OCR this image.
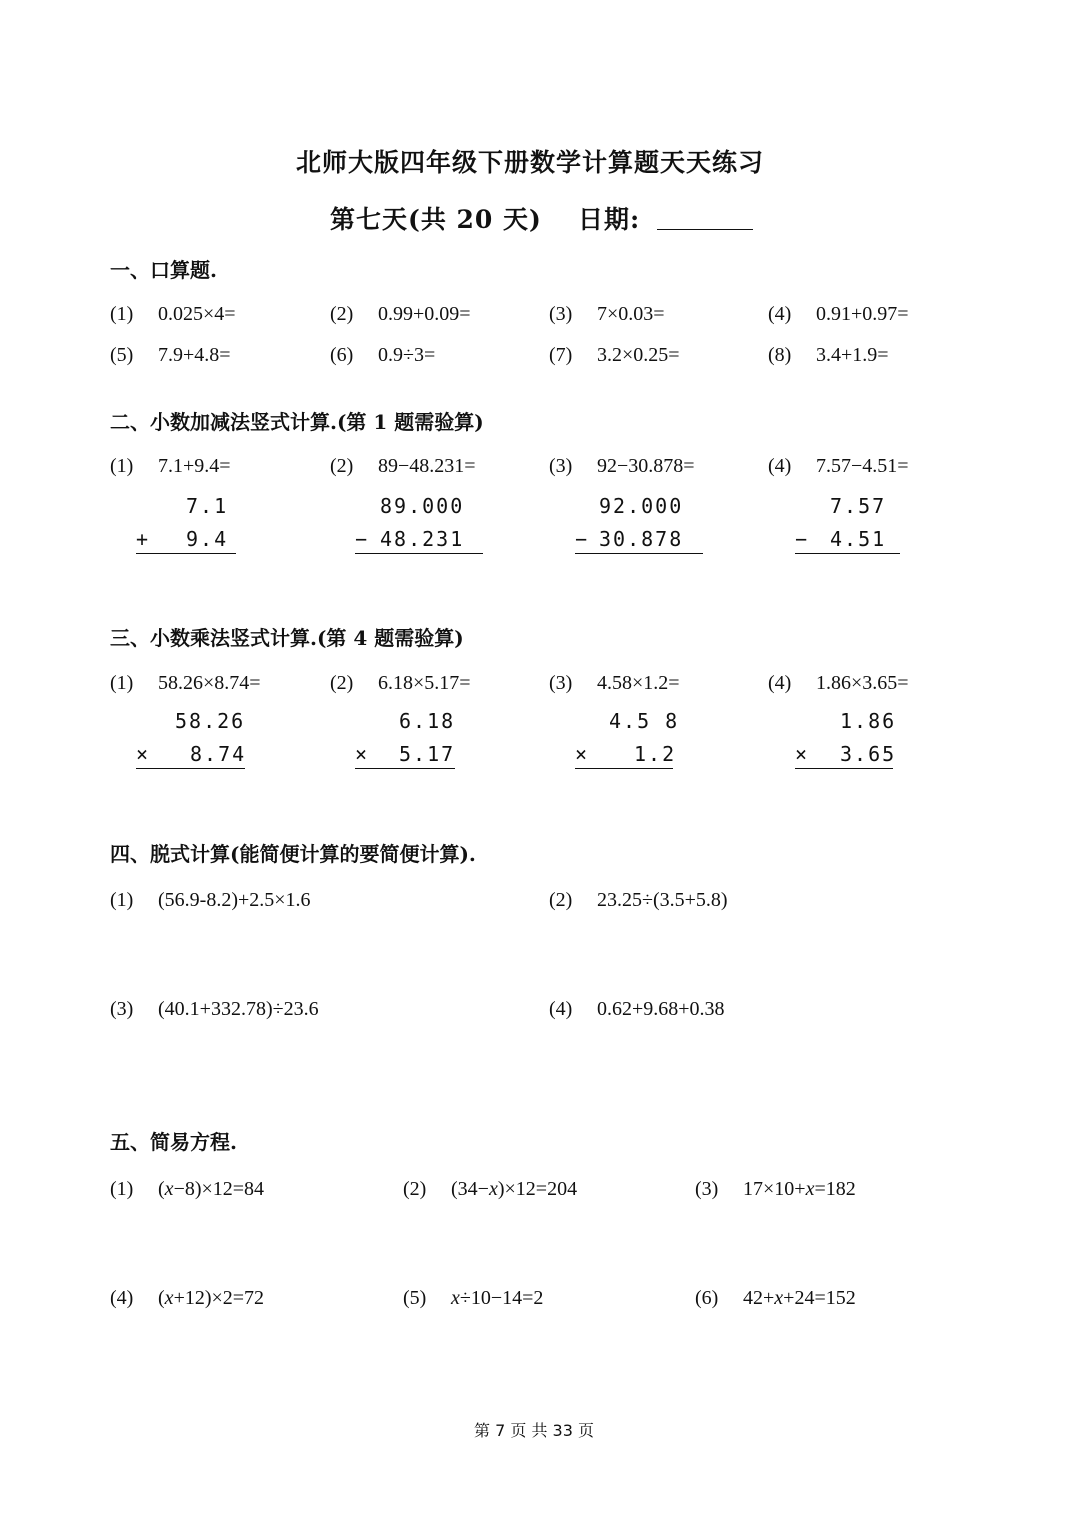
北师大版四年级下册数学计算题天天练习
第七天(共 20 天) 日期:
一、口算题.
(1) 0.025×4=	(2) 0.99+0.09=	(3) 7×0.03=	(4) 0.91+0.97=
(5) 7.9+4.8=	(6) 0.9÷3=	(7) 3.2×0.25=	(8) 3.4+1.9=
二、小数加减法竖式计算.(第 1 题需验算)
(1) 7.1+9.4=
7.1
+ 9.4
(2) 89−48.231=
89.000
− 48.231
(3) 92−30.878=
92.000
− 30.878
(4) 7.57−4.51=
7.57
− 4.51
三、小数乘法竖式计算.(第 4 题需验算)
(1) 58.26×8.74=
58.26
× 8.74
(2) 6.18×5.17=
6.18
× 5.17
(3) 4.58×1.2=
4.5 8
× 1.2
(4) 1.86×3.65=
1.86
× 3.65
四、脱式计算(能简便计算的要简便计算).
(1) (56.9-8.2)+2.5×1.6	(2) 23.25÷(3.5+5.8)
(3) (40.1+332.78)÷23.6	(4) 0.62+9.68+0.38
五、简易方程.
(1) (x−8)×12=84	(2) (34−x)×12=204	(3) 17×10+x=182
(4) (x+12)×2=72	(5) x÷10−14=2	(6) 42+x+24=152
第 7 页 共 33 页
